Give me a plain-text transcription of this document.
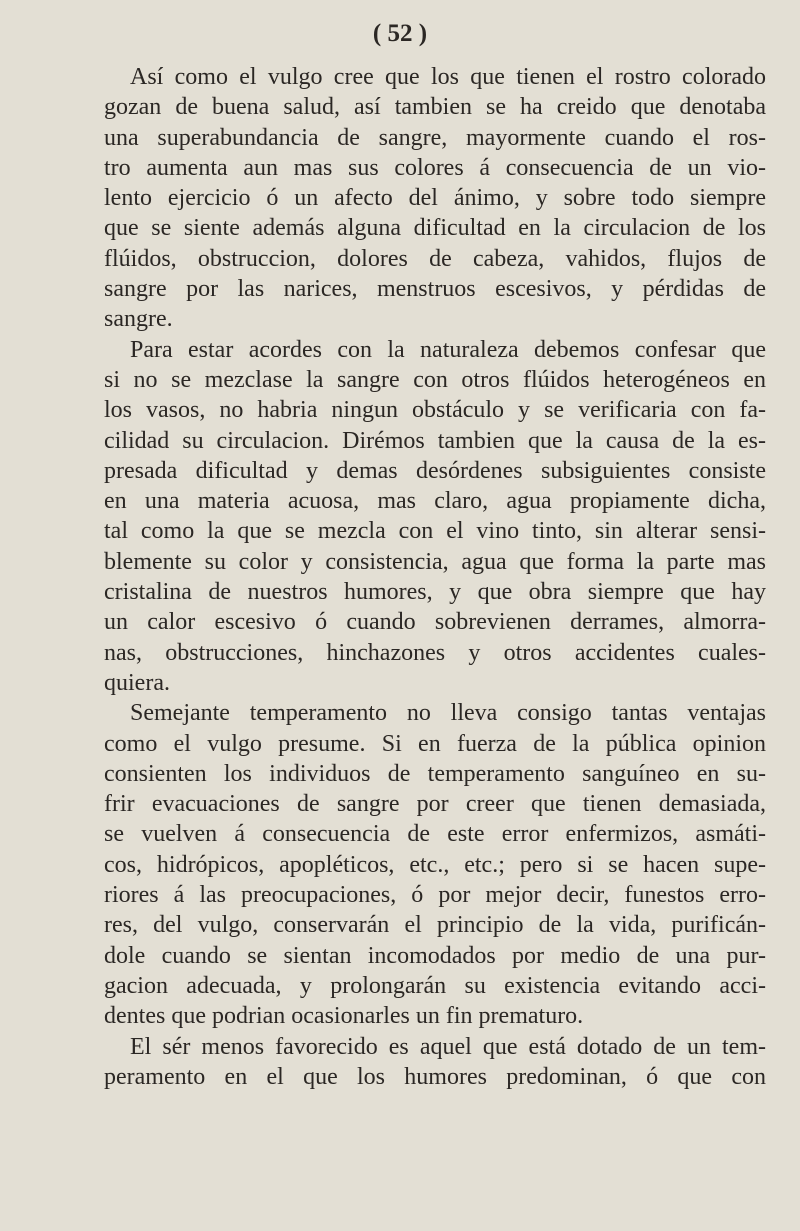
( 52 )
Así como el vulgo cree que los que tienen el rostro colorado
gozan de buena salud, así tambien se ha creido que denotaba
una superabundancia de sangre, mayormente cuando el ros-
tro aumenta aun mas sus colores á consecuencia de un vio-
lento ejercicio ó un afecto del ánimo, y sobre todo siempre
que se siente además alguna dificultad en la circulacion de los
flúidos, obstruccion, dolores de cabeza, vahidos, flujos de
sangre por las narices, menstruos escesivos, y pérdidas de
sangre.
Para estar acordes con la naturaleza debemos confesar que
si no se mezclase la sangre con otros flúidos heterogéneos en
los vasos, no habria ningun obstáculo y se verificaria con fa-
cilidad su circulacion. Dirémos tambien que la causa de la es-
presada dificultad y demas desórdenes subsiguientes consiste
en una materia acuosa, mas claro, agua propiamente dicha,
tal como la que se mezcla con el vino tinto, sin alterar sensi-
blemente su color y consistencia, agua que forma la parte mas
cristalina de nuestros humores, y que obra siempre que hay
un calor escesivo ó cuando sobrevienen derrames, almorra-
nas, obstrucciones, hinchazones y otros accidentes cuales-
quiera.
Semejante temperamento no lleva consigo tantas ventajas
como el vulgo presume. Si en fuerza de la pública opinion
consienten los individuos de temperamento sanguíneo en su-
frir evacuaciones de sangre por creer que tienen demasiada,
se vuelven á consecuencia de este error enfermizos, asmáti-
cos, hidrópicos, apopléticos, etc., etc.; pero si se hacen supe-
riores á las preocupaciones, ó por mejor decir, funestos erro-
res, del vulgo, conservarán el principio de la vida, purificán-
dole cuando se sientan incomodados por medio de una pur-
gacion adecuada, y prolongarán su existencia evitando acci-
dentes que podrian ocasionarles un fin prematuro.
El sér menos favorecido es aquel que está dotado de un tem-
peramento en el que los humores predominan, ó que con
